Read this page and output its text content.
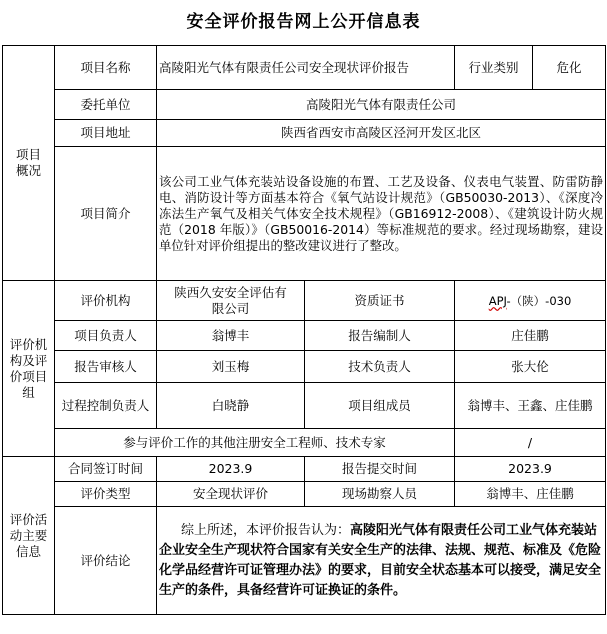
安全评价报告网上公开信息表
项目概况	项目名称	高陵阳光气体有限责任公司安全现状评价报告		行业类别	危化
	委托单位	高陵阳光气体有限责任公司			
	项目地址	陕西省西安市高陵区泾河开发区北区			
	项目简介	该公司工业气体充装站设备设施的布置、工艺及设备、仪表电气装置、防雷防静电、消防设计等方面基本符合《氧气站设计规范》（GB50030-2013）、《深度冷冻法生产氧气及相关气体安全技术规程》（GB16912-2008）、《建筑设计防火规范（2018 年版）》（GB50016-2014）等标准规范的要求。经过现场勘察，建设单位针对评价组提出的整改建议进行了整改。			
评价机构及评价项目组	评价机构	陕西久安安全评估有限公司	资质证书	APJ-（陕）-030	
	项目负责人	翁博丰	报告编制人	庄佳鹏	
	报告审核人	刘玉梅	技术负责人	张大伦	
	过程控制负责人	白晓静	项目组成员	翁博丰、王鑫、庄佳鹏	
	参与评价工作的其他注册安全工程师、技术专家			/	
评价活动主要信息	合同签订时间	2023.9	报告提交时间	2023.9	
	评价类型	安全现状评价	现场勘察人员	翁博丰、庄佳鹏	
	评价结论	综上所述，本评价报告认为：高陵阳光气体有限责任公司工业气体充装站企业安全生产现状符合国家有关安全生产的法律、法规、规范、标准及《危险化学品经营许可证管理办法》的要求，目前安全状态基本可以接受，满足安全生产的条件，具备经营许可证换证的条件。			
